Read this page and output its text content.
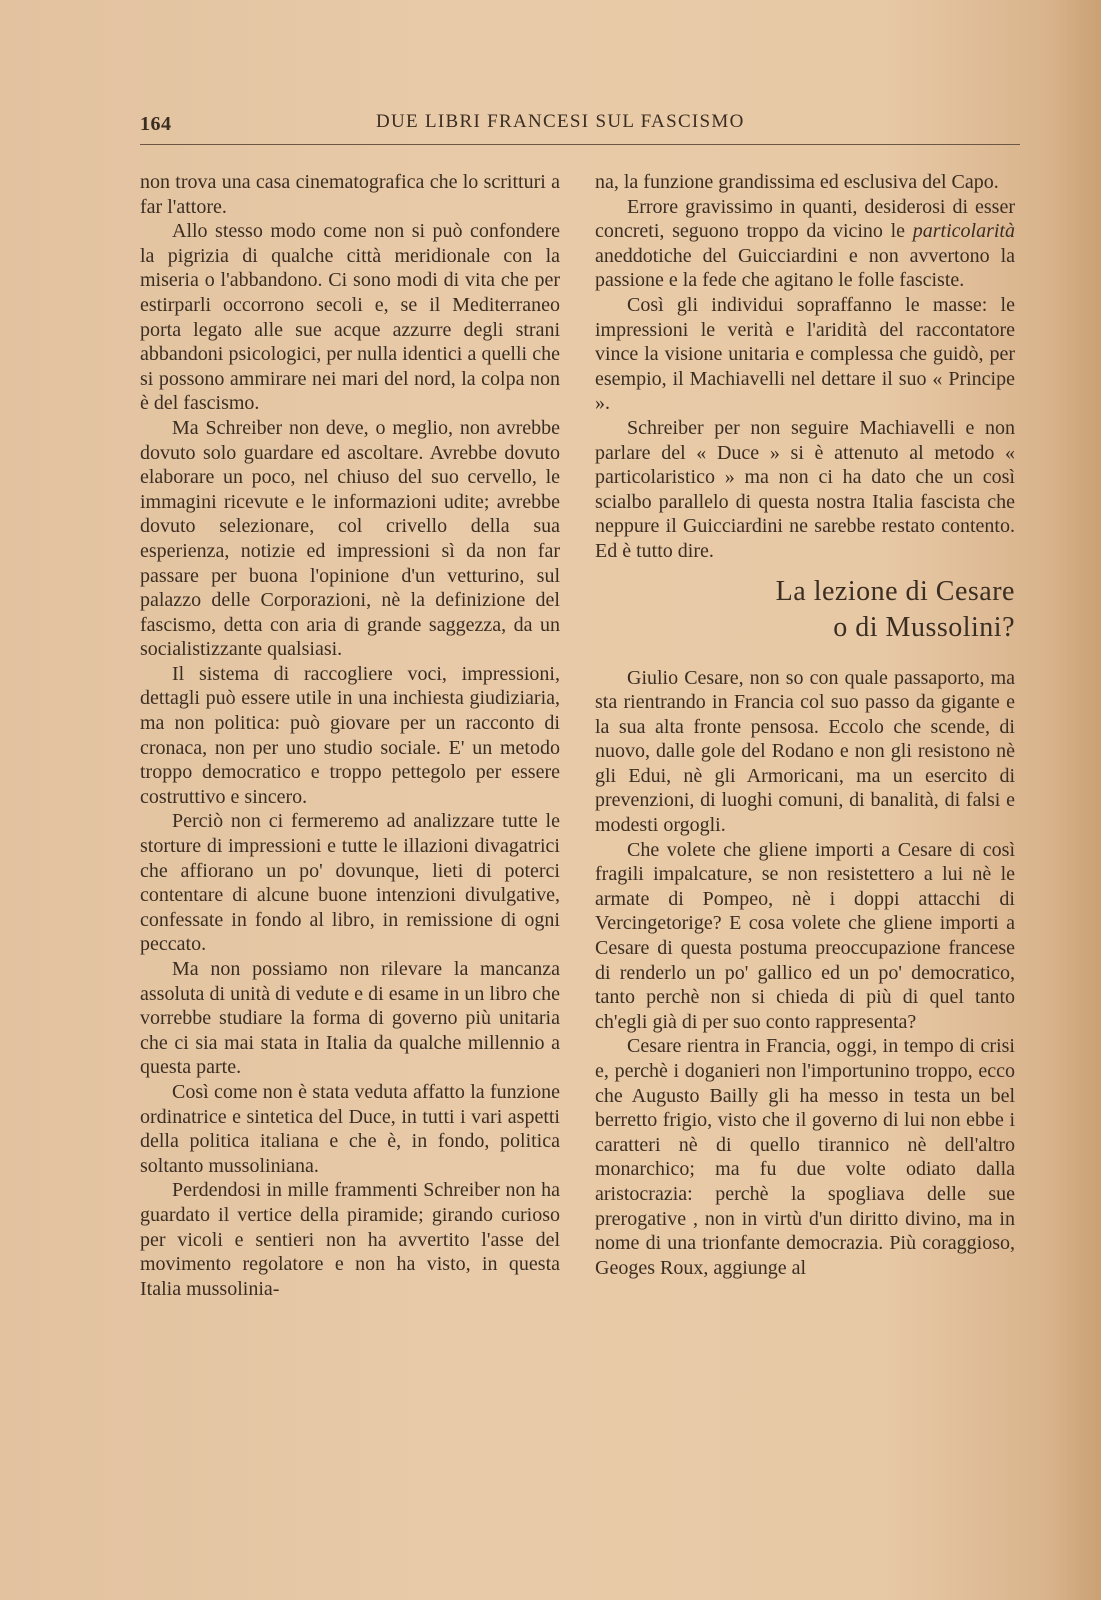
164	DUE LIBRI FRANCESI SUL FASCISMO

non trova una casa cinematografica che lo scritturi a far l'attore.

Allo stesso modo come non si può confondere la pigrizia di qualche città meridionale con la miseria o l'abbandono. Ci sono modi di vita che per estirparli occorrono secoli e, se il Mediterraneo porta legato alle sue acque azzurre degli strani abbandoni psicologici, per nulla identici a quelli che si possono ammirare nei mari del nord, la colpa non è del fascismo.

Ma Schreiber non deve, o meglio, non avrebbe dovuto solo guardare ed ascoltare. Avrebbe dovuto elaborare un poco, nel chiuso del suo cervello, le immagini ricevute e le informazioni udite; avrebbe dovuto selezionare, col crivello della sua esperienza, notizie ed impressioni sì da non far passare per buona l'opinione d'un vetturino, sul palazzo delle Corporazioni, nè la definizione del fascismo, detta con aria di grande saggezza, da un socialistizzante qualsiasi.

Il sistema di raccogliere voci, impressioni, dettagli può essere utile in una inchiesta giudiziaria, ma non politica: può giovare per un racconto di cronaca, non per uno studio sociale. E' un metodo troppo democratico e troppo pettegolo per essere costruttivo e sincero.

Perciò non ci fermeremo ad analizzare tutte le storture di impressioni e tutte le illazioni divagatrici che affiorano un po' dovunque, lieti di poterci contentare di alcune buone intenzioni divulgative, confessate in fondo al libro, in remissione di ogni peccato.

Ma non possiamo non rilevare la mancanza assoluta di unità di vedute e di esame in un libro che vorrebbe studiare la forma di governo più unitaria che ci sia mai stata in Italia da qualche millennio a questa parte.

Così come non è stata veduta affatto la funzione ordinatrice e sintetica del Duce, in tutti i vari aspetti della politica italiana e che è, in fondo, politica soltanto mussoliniana.

Perdendosi in mille frammenti Schreiber non ha guardato il vertice della piramide; girando curioso per vicoli e sentieri non ha avvertito l'asse del movimento regolatore e non ha visto, in questa Italia mussolinia-

na, la funzione grandissima ed esclusiva del Capo.

Errore gravissimo in quanti, desiderosi di esser concreti, seguono troppo da vicino le particolarità aneddotiche del Guicciardini e non avvertono la passione e la fede che agitano le folle fasciste.

Così gli individui sopraffanno le masse: le impressioni le verità e l'aridità del raccontatore vince la visione unitaria e complessa che guidò, per esempio, il Machiavelli nel dettare il suo « Principe ».

Schreiber per non seguire Machiavelli e non parlare del « Duce » si è attenuto al metodo « particolaristico » ma non ci ha dato che un così scialbo parallelo di questa nostra Italia fascista che neppure il Guicciardini ne sarebbe restato contento. Ed è tutto dire.

La lezione di Cesare
o di Mussolini?

Giulio Cesare, non so con quale passaporto, ma sta rientrando in Francia col suo passo da gigante e la sua alta fronte pensosa. Eccolo che scende, di nuovo, dalle gole del Rodano e non gli resistono nè gli Edui, nè gli Armoricani, ma un esercito di prevenzioni, di luoghi comuni, di banalità, di falsi e modesti orgogli.

Che volete che gliene importi a Cesare di così fragili impalcature, se non resistettero a lui nè le armate di Pompeo, nè i doppi attacchi di Vercingetorige? E cosa volete che gliene importi a Cesare di questa postuma preoccupazione francese di renderlo un po' gallico ed un po' democratico, tanto perchè non si chieda di più di quel tanto ch'egli già di per suo conto rappresenta?

Cesare rientra in Francia, oggi, in tempo di crisi e, perchè i doganieri non l'importunino troppo, ecco che Augusto Bailly gli ha messo in testa un bel berretto frigio, visto che il governo di lui non ebbe i caratteri nè di quello tirannico nè dell'altro monarchico; ma fu due volte odiato dalla aristocrazia: perchè la spogliava delle sue prerogative , non in virtù d'un diritto divino, ma in nome di una trionfante democrazia. Più coraggioso, Geoges Roux, aggiunge al
